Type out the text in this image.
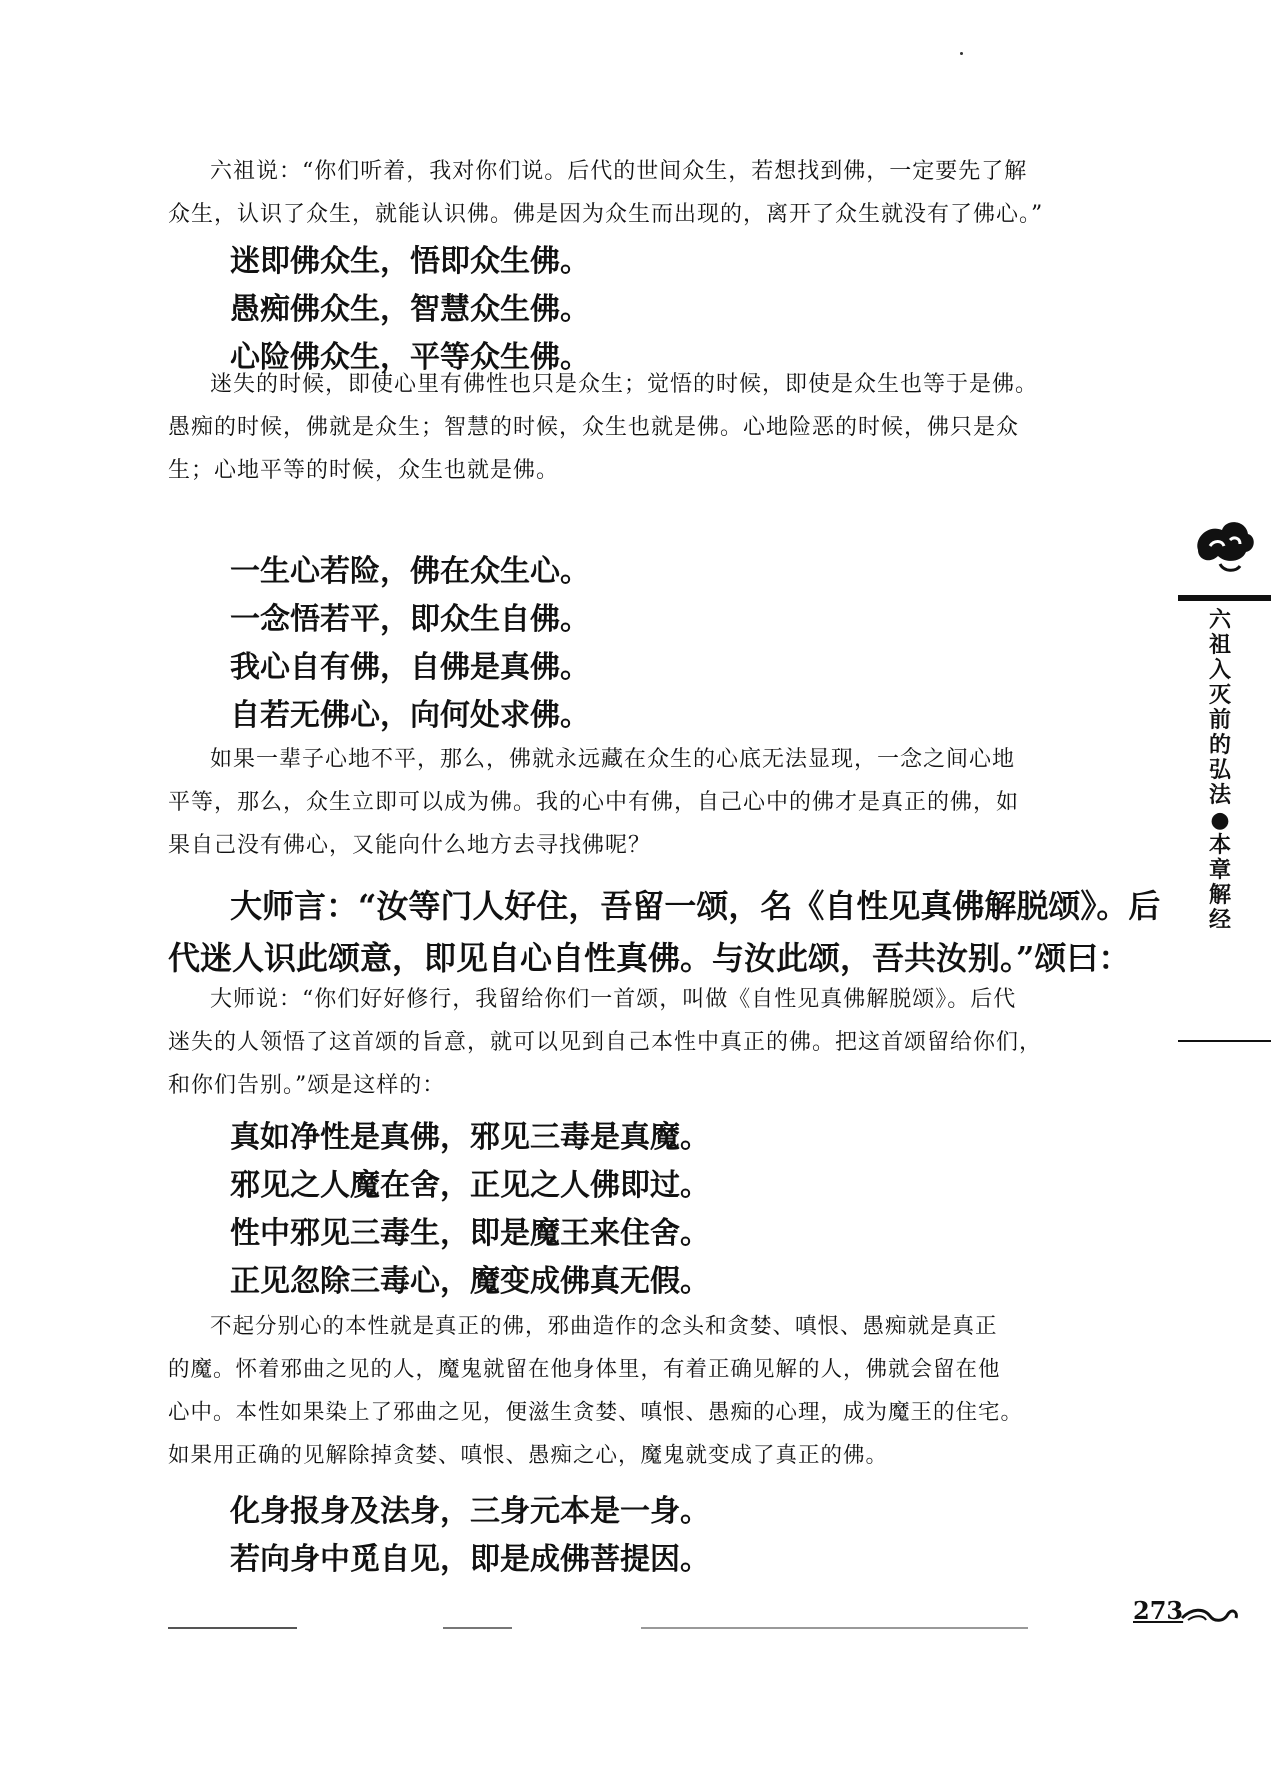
六祖说：“你们听着，我对你们说。后代的世间众生，若想找到佛，一定要先了解

众生，认识了众生，就能认识佛。佛是因为众生而出现的，离开了众生就没有了佛心。”

迷即佛众生，悟即众生佛。
愚痴佛众生，智慧众生佛。
心险佛众生，平等众生佛。

迷失的时候，即使心里有佛性也只是众生；觉悟的时候，即使是众生也等于是佛。

愚痴的时候，佛就是众生；智慧的时候，众生也就是佛。心地险恶的时候，佛只是众

生；心地平等的时候，众生也就是佛。

一生心若险，佛在众生心。
一念悟若平，即众生自佛。
我心自有佛，自佛是真佛。
自若无佛心，向何处求佛。

如果一辈子心地不平，那么，佛就永远藏在众生的心底无法显现，一念之间心地

平等，那么，众生立即可以成为佛。我的心中有佛，自己心中的佛才是真正的佛，如

果自己没有佛心，又能向什么地方去寻找佛呢？

大师言：“汝等门人好住，吾留一颂，名《自性见真佛解脱颂》。后
代迷人识此颂意，即见自心自性真佛。与汝此颂，吾共汝别。”颂曰：

大师说：“你们好好修行，我留给你们一首颂，叫做《自性见真佛解脱颂》。后代

迷失的人领悟了这首颂的旨意，就可以见到自己本性中真正的佛。把这首颂留给你们，

和你们告别。”颂是这样的：

真如净性是真佛，邪见三毒是真魔。
邪见之人魔在舍，正见之人佛即过。
性中邪见三毒生，即是魔王来住舍。
正见忽除三毒心，魔变成佛真无假。

不起分别心的本性就是真正的佛，邪曲造作的念头和贪婪、嗔恨、愚痴就是真正

的魔。怀着邪曲之见的人，魔鬼就留在他身体里，有着正确见解的人，佛就会留在他

心中。本性如果染上了邪曲之见，便滋生贪婪、嗔恨、愚痴的心理，成为魔王的住宅。

如果用正确的见解除掉贪婪、嗔恨、愚痴之心，魔鬼就变成了真正的佛。

化身报身及法身，三身元本是一身。
若向身中觅自见，即是成佛菩提因。
六
祖
入
灭
前
的
弘
法
●
本
章
解
经
273
